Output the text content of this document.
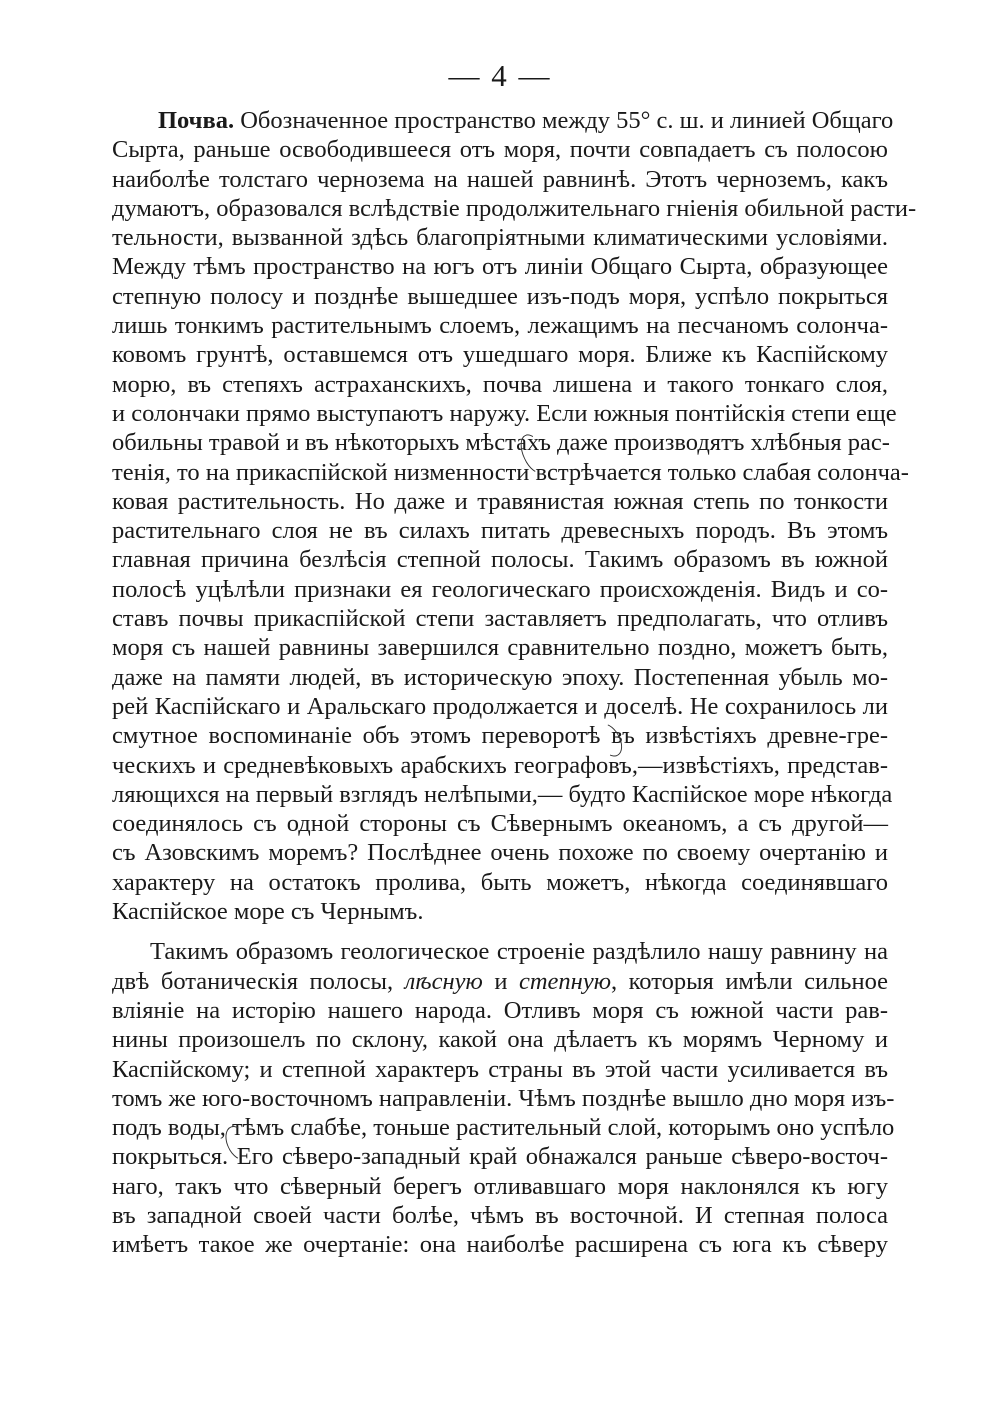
— 4 —
Почва. Обозначенное пространство между 55° с. ш. и линией Общаго
Сырта, раньше освободившееся отъ моря, почти совпадаетъ съ полосою
наиболѣе толстаго чернозема на нашей равнинѣ. Этотъ черноземъ, какъ
думаютъ, образовался вслѣдствіе продолжительнаго гніенія обильной расти-
тельности, вызванной здѣсь благопріятными климатическими условіями.
Между тѣмъ пространство на югъ отъ линіи Общаго Сырта, образующее
степную полосу и позднѣе вышедшее изъ-подъ моря, успѣло покрыться
лишь тонкимъ растительнымъ слоемъ, лежащимъ на песчаномъ солонча-
ковомъ грунтѣ, оставшемся отъ ушедшаго моря. Ближе къ Каспійскому
морю, въ степяхъ астраханскихъ, почва лишена и такого тонкаго слоя,
и солончаки прямо выступаютъ наружу. Если южныя понтійскія степи еще
обильны травой и въ нѣкоторыхъ мѣстахъ даже производятъ хлѣбныя рас-
тенія, то на прикаспійской низменности встрѣчается только слабая солонча-
ковая растительность. Но даже и травянистая южная степь по тонкости
растительнаго слоя не въ силахъ питать древесныхъ породъ. Въ этомъ
главная причина безлѣсія степной полосы. Такимъ образомъ въ южной
полосѣ уцѣлѣли признаки ея геологическаго происхожденія. Видъ и со-
ставъ почвы прикаспійской степи заставляетъ предполагать, что отливъ
моря съ нашей равнины завершился сравнительно поздно, можетъ быть,
даже на памяти людей, въ историческую эпоху. Постепенная убыль мо-
рей Каспійскаго и Аральскаго продолжается и доселѣ. Не сохранилось ли
смутное воспоминаніе объ этомъ переворотѣ въ извѣстіяхъ древне-гре-
ческихъ и средневѣковыхъ арабскихъ географовъ,—извѣстіяхъ, представ-
ляющихся на первый взглядъ нелѣпыми,— будто Каспійское море нѣкогда
соединялось съ одной стороны съ Сѣвернымъ океаномъ, а съ другой—
съ Азовскимъ моремъ? Послѣднее очень похоже по своему очертанію и
характеру на остатокъ пролива, быть можетъ, нѣкогда соединявшаго
Каспійское море съ Чернымъ.
Такимъ образомъ геологическое строеніе раздѣлило нашу равнину на
двѣ ботаническія полосы, лѣсную и степную, которыя имѣли сильное
вліяніе на исторію нашего народа. Отливъ моря съ южной части рав-
нины произошелъ по склону, какой она дѣлаетъ къ морямъ Черному и
Каспійскому; и степной характеръ страны въ этой части усиливается въ
томъ же юго-восточномъ направленіи. Чѣмъ позднѣе вышло дно моря изъ-
подъ воды, тѣмъ слабѣе, тоньше растительный слой, которымъ оно успѣло
покрыться. Его сѣверо-западный край обнажался раньше сѣверо-восточ-
наго, такъ что сѣверный берегъ отливавшаго моря наклонялся къ югу
въ западной своей части болѣе, чѣмъ въ восточной. И степная полоса
имѣетъ такое же очертаніе: она наиболѣе расширена съ юга къ сѣверу
